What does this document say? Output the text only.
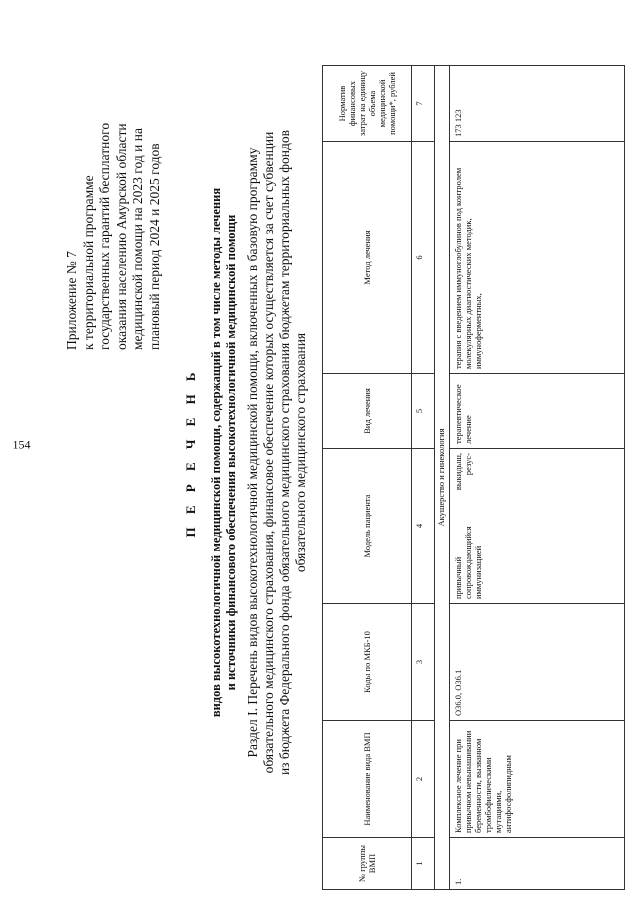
154
Приложение № 7 к территориальной программе государственных гарантий бесплатного оказания населению Амурской области медицинской помощи на 2023 год и на плановый период 2024 и 2025 годов
П Е Р Е Ч Е Н Ь видов высокотехнологичной медицинской помощи, содержащий в том числе методы лечения и источники финансового обеспечения высокотехнологичной медицинской помощи Раздел I. Перечень видов высокотехнологичной медицинской помощи, включенных в базовую программу обязательного медицинского страхования, финансовое обеспечение которых осуществляется за счет субвенции из бюджета Федерального фонда обязательного медицинского страхования бюджетам территориальных фондов обязательного медицинского страхования
№ группы ВМП	Наименование вида ВМП	Коды по МКБ-10	Модель пациента	Вид лечения	Метод лечения	Норматив финансовых затрат на единицу объема медицинской помощи*, рублей
1	2	3	4	5	6	7
Акушерство и гинекология						
1.	Комплексное лечение при привычном невынашивании беременности, вызванном тромбофилическими мутациями, антифосфолипидным	O36.0, O36.1	привычный выкидыш, сопровождающийся резус-иммунизацией	терапевтическое лечение	терапия с введением иммуноглобулинов под контролем молекулярных диагностических методик, иммуноферментных,	173 123
